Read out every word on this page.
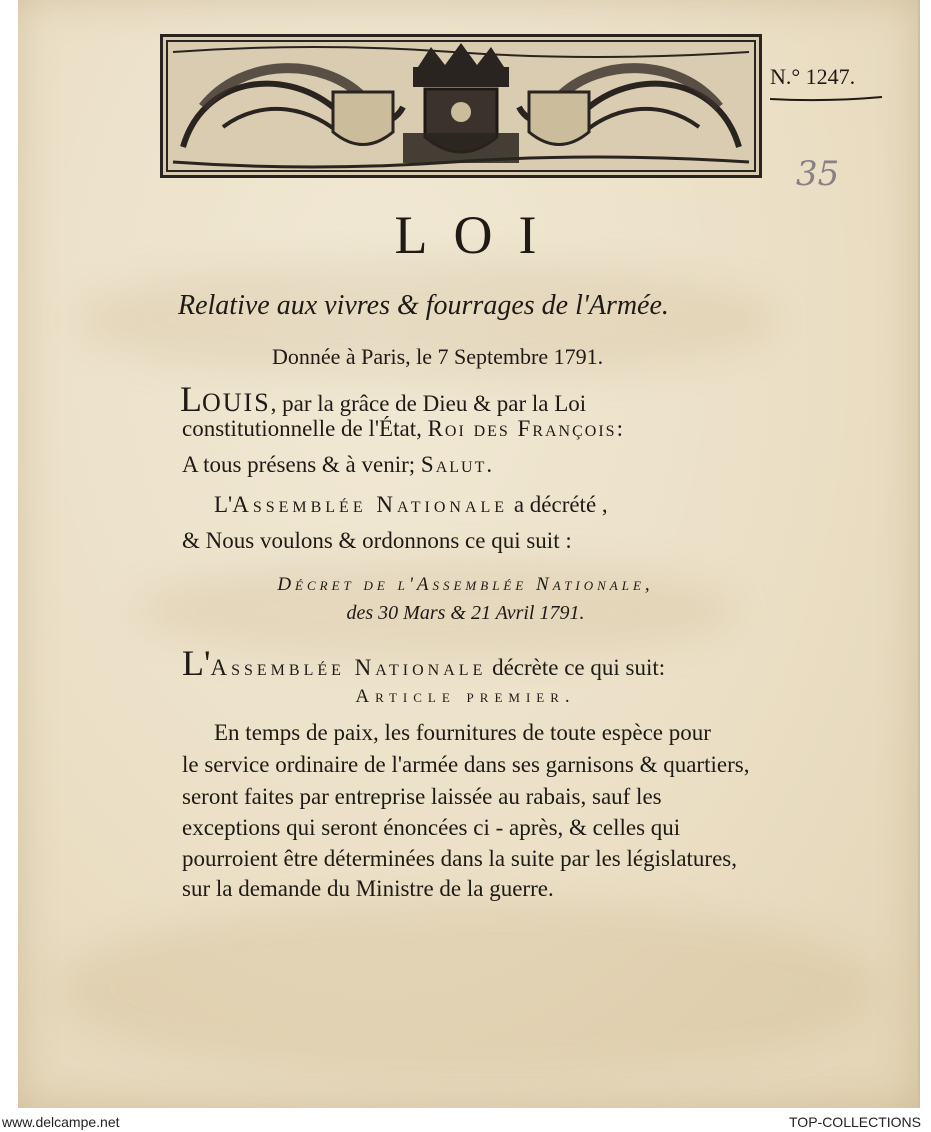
N.° 1247.
35
LOI
Relative aux vivres & fourrages de l'Armée.
Donnée à Paris, le 7 Septembre 1791.
LOUIS, par la grâce de Dieu & par la Loi
constitutionnelle de l'État, Roi des François:
A tous présens & à venir; Salut.
L'Assemblée Nationale a décrété ,
& Nous voulons & ordonnons ce qui suit :
Décret de l'Assemblée Nationale,
des 30 Mars & 21 Avril 1791.
L'Assemblée Nationale décrète ce qui suit:
Article premier.
En temps de paix, les fournitures de toute espèce pour
le service ordinaire de l'armée dans ses garnisons & quartiers,
seront faites par entreprise laissée au rabais, sauf les
exceptions qui seront énoncées ci - après, & celles qui
pourroient être déterminées dans la suite par les législatures,
sur la demande du Ministre de la guerre.
www.delcampe.net	TOP-COLLECTIONS
